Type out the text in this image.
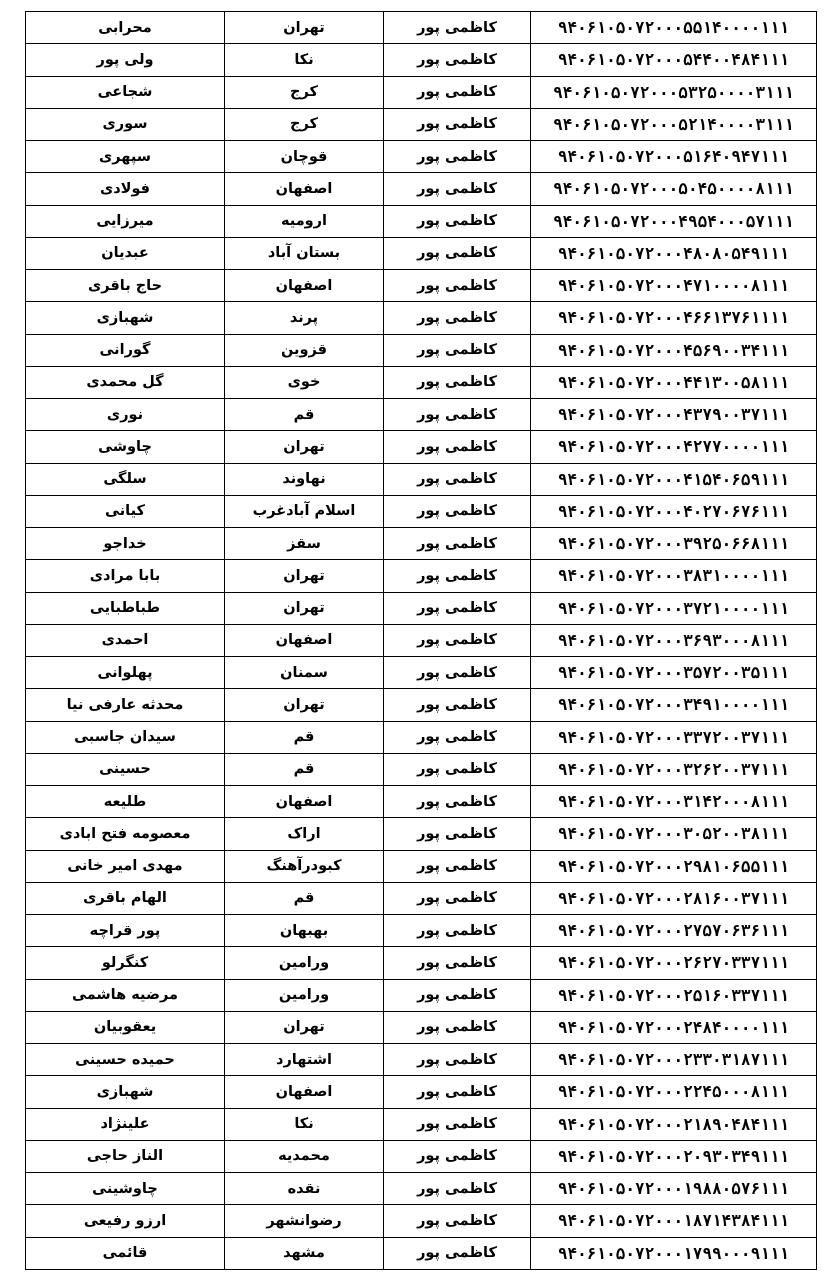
محرابی	تهران	کاظمی پور	۹۴۰۶۱۰۵۰۷۲۰۰۰۵۵۱۴۰۰۰۰۱۱۱
ولی پور	نکا	کاظمی پور	۹۴۰۶۱۰۵۰۷۲۰۰۰۵۴۴۰۰۴۸۴۱۱۱
شجاعی	کرج	کاظمی پور	۹۴۰۶۱۰۵۰۷۲۰۰۰۵۳۲۵۰۰۰۰۳۱۱۱
سوری	کرج	کاظمی پور	۹۴۰۶۱۰۵۰۷۲۰۰۰۵۲۱۴۰۰۰۰۳۱۱۱
سپهری	قوچان	کاظمی پور	۹۴۰۶۱۰۵۰۷۲۰۰۰۵۱۶۴۰۹۴۷۱۱۱
فولادی	اصفهان	کاظمی پور	۹۴۰۶۱۰۵۰۷۲۰۰۰۵۰۴۵۰۰۰۰۸۱۱۱
میرزایی	ارومیه	کاظمی پور	۹۴۰۶۱۰۵۰۷۲۰۰۰۴۹۵۴۰۰۰۵۷۱۱۱
عبدیان	بستان آباد	کاظمی پور	۹۴۰۶۱۰۵۰۷۲۰۰۰۴۸۰۸۰۵۴۹۱۱۱
حاج باقری	اصفهان	کاظمی پور	۹۴۰۶۱۰۵۰۷۲۰۰۰۴۷۱۰۰۰۰۸۱۱۱
شهبازی	پرند	کاظمی پور	۹۴۰۶۱۰۵۰۷۲۰۰۰۴۶۶۱۳۷۶۱۱۱۱
گورانی	قزوین	کاظمی پور	۹۴۰۶۱۰۵۰۷۲۰۰۰۴۵۶۹۰۰۳۴۱۱۱
گل محمدی	خوی	کاظمی پور	۹۴۰۶۱۰۵۰۷۲۰۰۰۴۴۱۳۰۰۵۸۱۱۱
نوری	قم	کاظمی پور	۹۴۰۶۱۰۵۰۷۲۰۰۰۴۳۷۹۰۰۳۷۱۱۱
چاوشی	تهران	کاظمی پور	۹۴۰۶۱۰۵۰۷۲۰۰۰۴۲۷۷۰۰۰۰۱۱۱
سلگی	نهاوند	کاظمی پور	۹۴۰۶۱۰۵۰۷۲۰۰۰۴۱۵۴۰۶۵۹۱۱۱
کیانی	اسلام آبادغرب	کاظمی پور	۹۴۰۶۱۰۵۰۷۲۰۰۰۴۰۲۷۰۶۷۶۱۱۱
خداجو	سقز	کاظمی پور	۹۴۰۶۱۰۵۰۷۲۰۰۰۳۹۲۵۰۶۶۸۱۱۱
بابا مرادی	تهران	کاظمی پور	۹۴۰۶۱۰۵۰۷۲۰۰۰۳۸۳۱۰۰۰۰۱۱۱
طباطبایی	تهران	کاظمی پور	۹۴۰۶۱۰۵۰۷۲۰۰۰۳۷۲۱۰۰۰۰۱۱۱
احمدی	اصفهان	کاظمی پور	۹۴۰۶۱۰۵۰۷۲۰۰۰۳۶۹۳۰۰۰۸۱۱۱
پهلوانی	سمنان	کاظمی پور	۹۴۰۶۱۰۵۰۷۲۰۰۰۳۵۷۲۰۰۳۵۱۱۱
محدثه عارفی نیا	تهران	کاظمی پور	۹۴۰۶۱۰۵۰۷۲۰۰۰۳۴۹۱۰۰۰۰۱۱۱
سیدان جاسبی	قم	کاظمی پور	۹۴۰۶۱۰۵۰۷۲۰۰۰۳۳۷۲۰۰۳۷۱۱۱
حسینی	قم	کاظمی پور	۹۴۰۶۱۰۵۰۷۲۰۰۰۳۲۶۲۰۰۳۷۱۱۱
طلیعه	اصفهان	کاظمی پور	۹۴۰۶۱۰۵۰۷۲۰۰۰۳۱۴۲۰۰۰۸۱۱۱
معصومه فتح ابادی	اراک	کاظمی پور	۹۴۰۶۱۰۵۰۷۲۰۰۰۳۰۵۲۰۰۳۸۱۱۱
مهدی امیر خانی	کبودرآهنگ	کاظمی پور	۹۴۰۶۱۰۵۰۷۲۰۰۰۲۹۸۱۰۶۵۵۱۱۱
الهام باقری	قم	کاظمی پور	۹۴۰۶۱۰۵۰۷۲۰۰۰۲۸۱۶۰۰۳۷۱۱۱
پور قراچه	بهبهان	کاظمی پور	۹۴۰۶۱۰۵۰۷۲۰۰۰۲۷۵۷۰۶۳۶۱۱۱
کنگرلو	ورامین	کاظمی پور	۹۴۰۶۱۰۵۰۷۲۰۰۰۲۶۲۷۰۳۳۷۱۱۱
مرضیه هاشمی	ورامین	کاظمی پور	۹۴۰۶۱۰۵۰۷۲۰۰۰۲۵۱۶۰۳۳۷۱۱۱
یعقوبیان	تهران	کاظمی پور	۹۴۰۶۱۰۵۰۷۲۰۰۰۲۴۸۴۰۰۰۰۱۱۱
حمیده حسینی	اشتهارد	کاظمی پور	۹۴۰۶۱۰۵۰۷۲۰۰۰۲۳۳۰۳۱۸۷۱۱۱
شهبازی	اصفهان	کاظمی پور	۹۴۰۶۱۰۵۰۷۲۰۰۰۲۲۴۵۰۰۰۸۱۱۱
علینژاد	نکا	کاظمی پور	۹۴۰۶۱۰۵۰۷۲۰۰۰۲۱۸۹۰۴۸۴۱۱۱
الناز حاجی	محمدیه	کاظمی پور	۹۴۰۶۱۰۵۰۷۲۰۰۰۲۰۹۳۰۳۴۹۱۱۱
چاوشینی	نقده	کاظمی پور	۹۴۰۶۱۰۵۰۷۲۰۰۰۱۹۸۸۰۵۷۶۱۱۱
ارزو رفیعی	رضوانشهر	کاظمی پور	۹۴۰۶۱۰۵۰۷۲۰۰۰۱۸۷۱۴۳۸۴۱۱۱
قائمی	مشهد	کاظمی پور	۹۴۰۶۱۰۵۰۷۲۰۰۰۱۷۹۹۰۰۰۹۱۱۱
